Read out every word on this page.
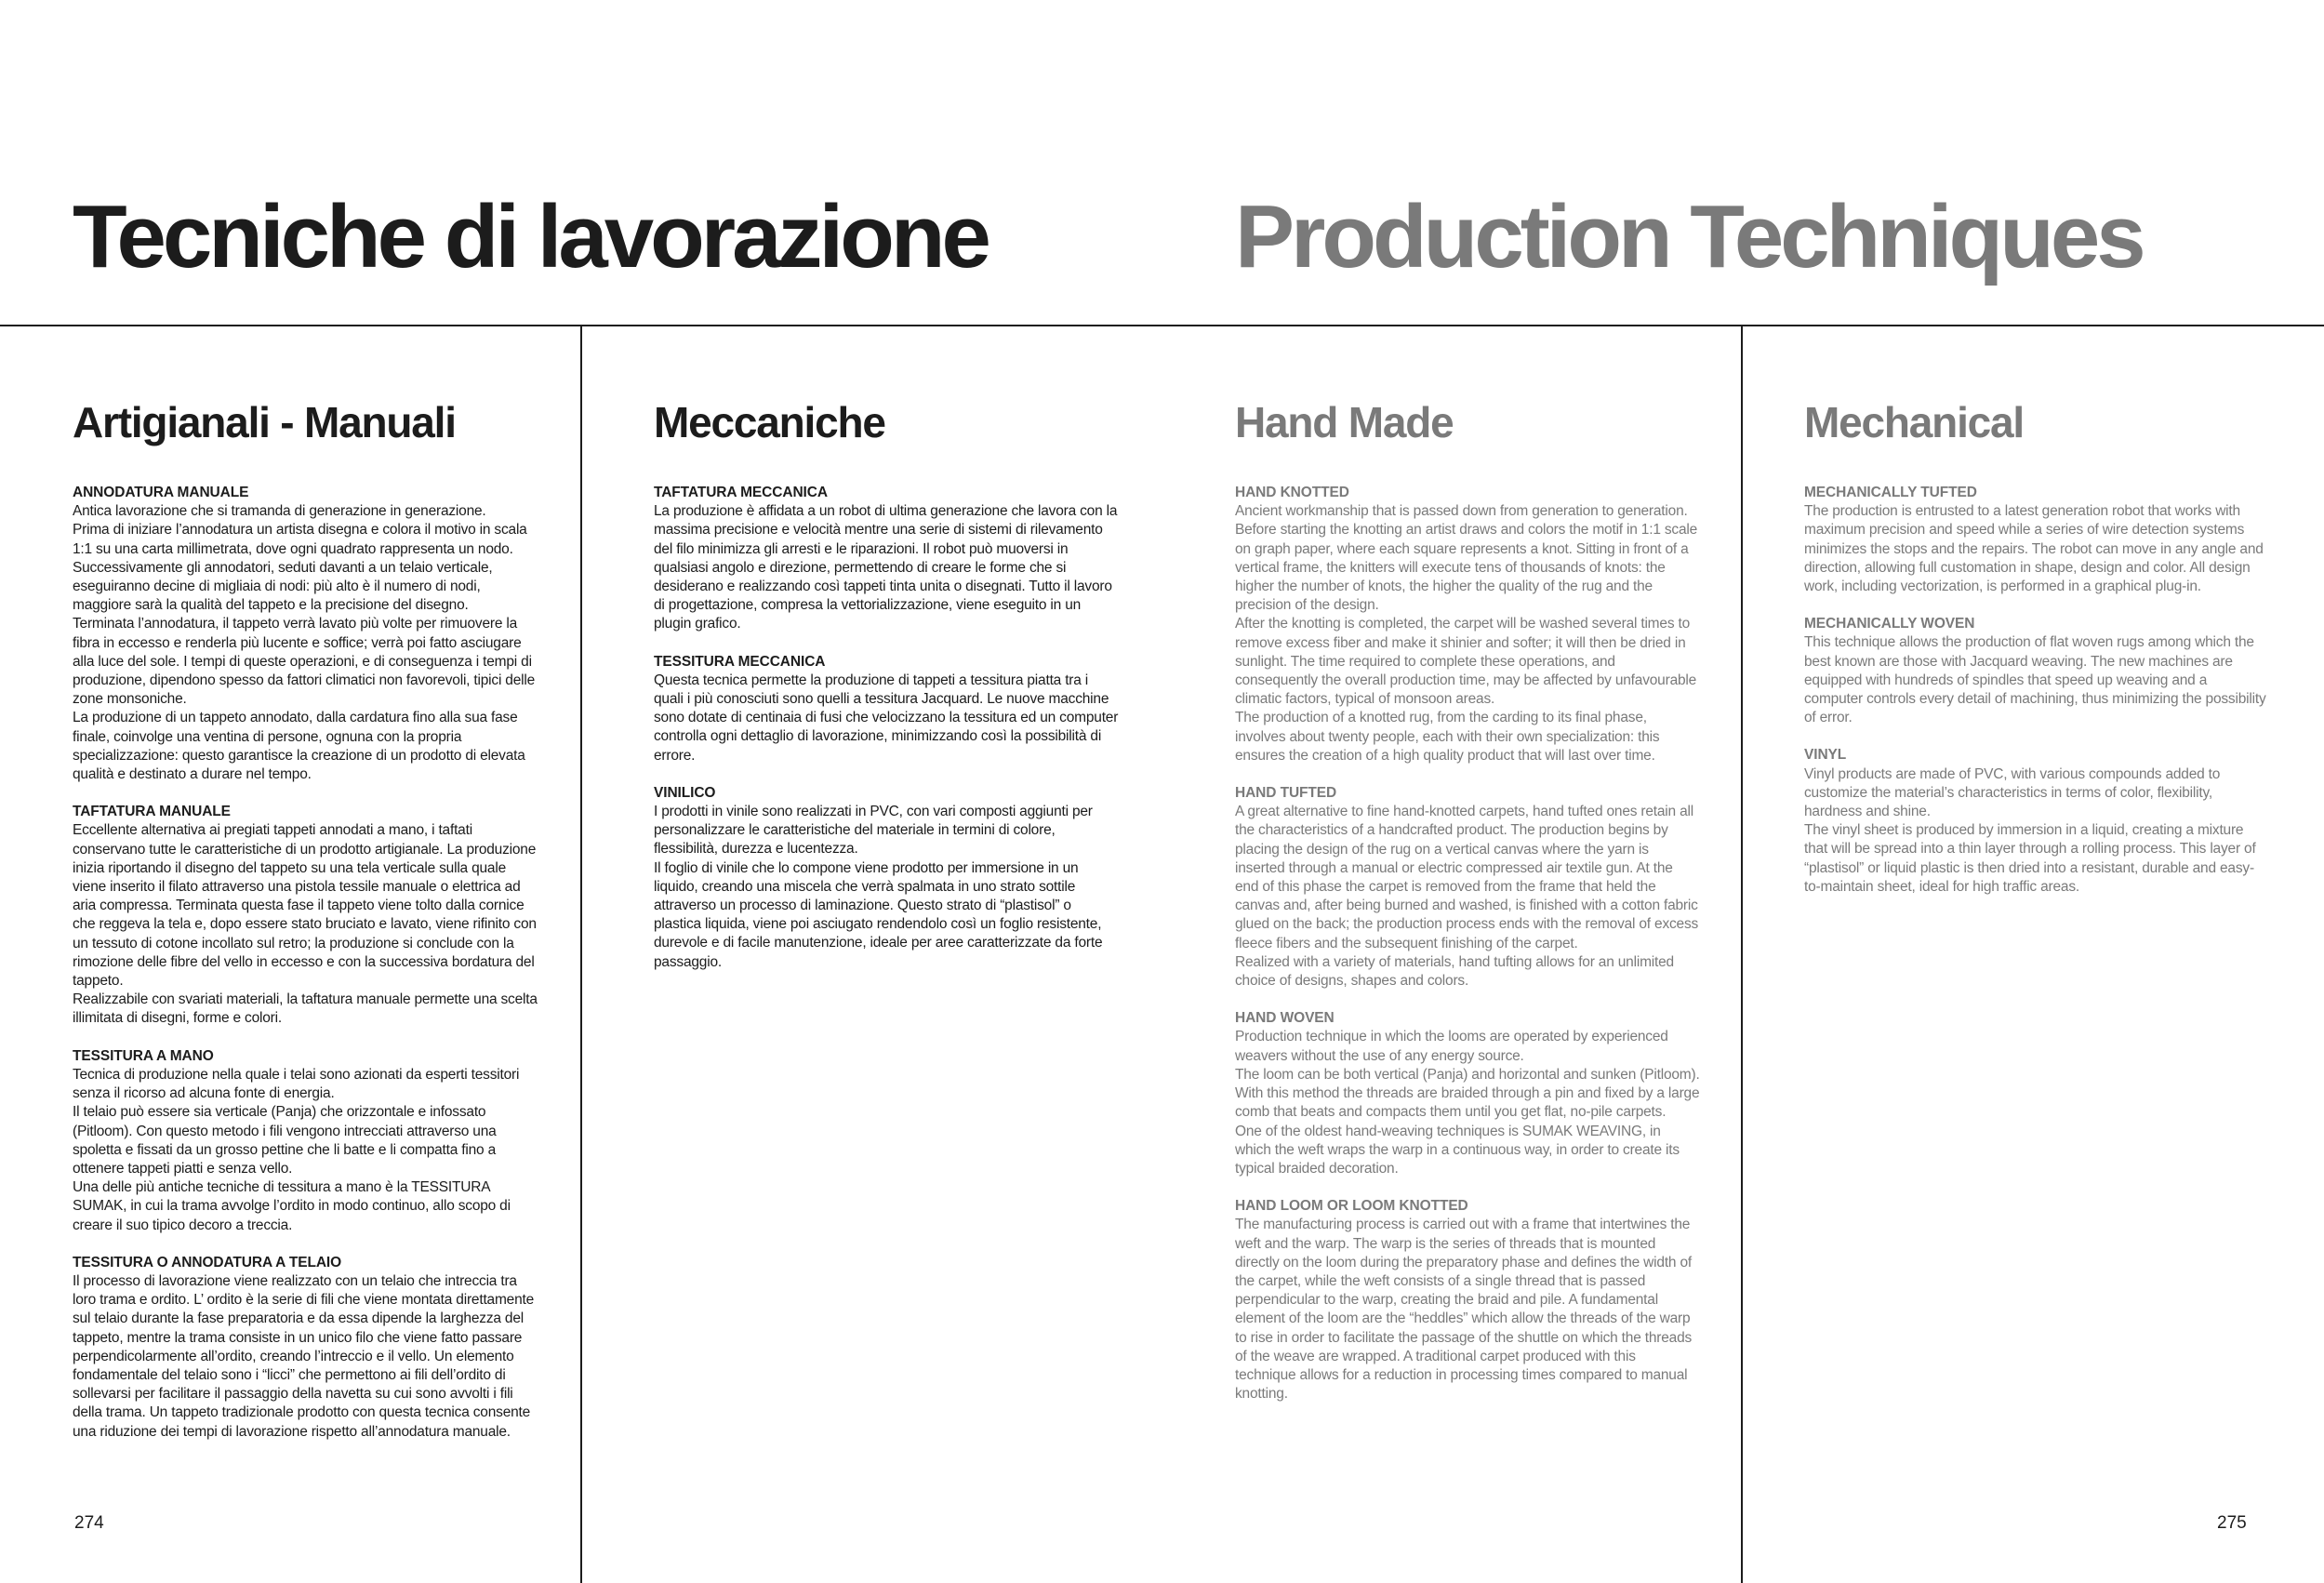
Tecniche di lavorazione	Production Techniques
Artigianali - Manuali

ANNODATURA MANUALE

Antica lavorazione che si tramanda di generazione in generazione.
Prima di iniziare l’annodatura un artista disegna e colora il motivo in scala 1:1 su una carta millimetrata, dove ogni quadrato rappresenta un nodo. Successivamente gli annodatori, seduti davanti a un telaio verticale, eseguiranno decine di migliaia di nodi: più alto è il numero di nodi, maggiore sarà la qualità del tappeto e la precisione del disegno.
Terminata l’annodatura, il tappeto verrà lavato più volte per rimuovere la fibra in eccesso e renderla più lucente e soffice; verrà poi fatto asciugare alla luce del sole. I tempi di queste operazioni, e di conseguenza i tempi di produzione, dipendono spesso da fattori climatici non favorevoli, tipici delle zone monsoniche.
La produzione di un tappeto annodato, dalla cardatura fino alla sua fase finale, coinvolge una ventina di persone, ognuna con la propria specializzazione: questo garantisce la creazione di un prodotto di elevata qualità e destinato a durare nel tempo.

TAFTATURA MANUALE

Eccellente alternativa ai pregiati tappeti annodati a mano, i taftati conservano tutte le caratteristiche di un prodotto artigianale. La produzione inizia riportando il disegno del tappeto su una tela verticale sulla quale viene inserito il filato attraverso una pistola tessile manuale o elettrica ad aria compressa. Terminata questa fase il tappeto viene tolto dalla cornice che reggeva la tela e, dopo essere stato bruciato e lavato, viene rifinito con un tessuto di cotone incollato sul retro; la produzione si conclude con la rimozione delle fibre del vello in eccesso e con la successiva bordatura del tappeto.
Realizzabile con svariati materiali, la taftatura manuale permette una scelta illimitata di disegni, forme e colori.

TESSITURA A MANO

Tecnica di produzione nella quale i telai sono azionati da esperti tessitori senza il ricorso ad alcuna fonte di energia.
Il telaio può essere sia verticale (Panja) che orizzontale e infossato (Pitloom). Con questo metodo i fili vengono intrecciati attraverso una spoletta e fissati da un grosso pettine che li batte e li compatta fino a ottenere tappeti piatti e senza vello.
Una delle più antiche tecniche di tessitura a mano è la TESSITURA SUMAK, in cui la trama avvolge l’ordito in modo continuo, allo scopo di creare il suo tipico decoro a treccia.

TESSITURA O ANNODATURA A TELAIO

Il processo di lavorazione viene realizzato con un telaio che intreccia tra loro trama e ordito. L’ ordito è la serie di fili che viene montata direttamente sul telaio durante la fase preparatoria e da essa dipende la larghezza del tappeto, mentre la trama consiste in un unico filo che viene fatto passare perpendicolarmente all’ordito, creando l’intreccio e il vello. Un elemento fondamentale del telaio sono i “licci” che permettono ai fili dell’ordito di sollevarsi per facilitare il passaggio della navetta su cui sono avvolti i fili della trama. Un tappeto tradizionale prodotto con questa tecnica consente una riduzione dei tempi di lavorazione rispetto all’annodatura manuale.

Meccaniche

TAFTATURA MECCANICA

La produzione è affidata a un robot di ultima generazione che lavora con la massima precisione e velocità mentre una serie di sistemi di rilevamento del filo minimizza gli arresti e le riparazioni. Il robot può muoversi in qualsiasi angolo e direzione, permettendo di creare le forme che si desiderano e realizzando così tappeti tinta unita o disegnati. Tutto il lavoro di progettazione, compresa la vettorializzazione, viene eseguito in un plugin grafico.

TESSITURA MECCANICA

Questa tecnica permette la produzione di tappeti a tessitura piatta tra i quali i più conosciuti sono quelli a tessitura Jacquard. Le nuove macchine sono dotate di centinaia di fusi che velocizzano la tessitura ed un computer controlla ogni dettaglio di lavorazione, minimizzando così la possibilità di errore.

VINILICO

I prodotti in vinile sono realizzati in PVC, con vari composti aggiunti per personalizzare le caratteristiche del materiale in termini di colore, flessibilità, durezza e lucentezza.
Il foglio di vinile che lo compone viene prodotto per immersione in un liquido, creando una miscela che verrà spalmata in uno strato sottile attraverso un processo di laminazione. Questo strato di “plastisol” o plastica liquida, viene poi asciugato rendendolo così un foglio resistente, durevole e di facile manutenzione, ideale per aree caratterizzate da forte passaggio.

Hand Made

HAND KNOTTED

Ancient workmanship that is passed down from generation to generation. Before starting the knotting an artist draws and colors the motif in 1:1 scale on graph paper, where each square represents a knot. Sitting in front of a vertical frame, the knitters will execute tens of thousands of knots: the higher the number of knots, the higher the quality of the rug and the precision of the design.
After the knotting is completed, the carpet will be washed several times to remove excess fiber and make it shinier and softer; it will then be dried in sunlight. The time required to complete these operations, and consequently the overall production time, may be affected by unfavourable climatic factors, typical of monsoon areas.
The production of a knotted rug, from the carding to its final phase, involves about twenty people, each with their own specialization: this ensures the creation of a high quality product that will last over time.

HAND TUFTED

A great alternative to fine hand-knotted carpets, hand tufted ones retain all the characteristics of a handcrafted product. The production begins by placing the design of the rug on a vertical canvas where the yarn is inserted through a manual or electric compressed air textile gun. At the end of this phase the carpet is removed from the frame that held the canvas and, after being burned and washed, is finished with a cotton fabric glued on the back; the production process ends with the removal of excess fleece fibers and the subsequent finishing of the carpet.
Realized with a variety of materials, hand tufting allows for an unlimited choice of designs, shapes and colors.

HAND WOVEN

Production technique in which the looms are operated by experienced weavers without the use of any energy source.
The loom can be both vertical (Panja) and horizontal and sunken (Pitloom). With this method the threads are braided through a pin and fixed by a large comb that beats and compacts them until you get flat, no-pile carpets.
One of the oldest hand-weaving techniques is SUMAK WEAVING, in which the weft wraps the warp in a continuous way, in order to create its typical braided decoration.

HAND LOOM OR LOOM KNOTTED

The manufacturing process is carried out with a frame that intertwines the weft and the warp. The warp is the series of threads that is mounted directly on the loom during the preparatory phase and defines the width of the carpet, while the weft consists of a single thread that is passed perpendicular to the warp, creating the braid and pile. A fundamental element of the loom are the “heddles” which allow the threads of the warp to rise in order to facilitate the passage of the shuttle on which the threads of the weave are wrapped. A traditional carpet produced with this technique allows for a reduction in processing times compared to manual knotting.

Mechanical

MECHANICALLY TUFTED

The production is entrusted to a latest generation robot that works with maximum precision and speed while a series of wire detection systems minimizes the stops and the repairs. The robot can move in any angle and direction, allowing full customation in shape, design and color. All design work, including vectorization, is performed in a graphical plug-in.

MECHANICALLY WOVEN

This technique allows the production of flat woven rugs among which the best known are those with Jacquard weaving. The new machines are equipped with hundreds of spindles that speed up weaving and a computer controls every detail of machining, thus minimizing the possibility of error.

VINYL

Vinyl products are made of PVC, with various compounds added to customize the material’s characteristics in terms of color, flexibility, hardness and shine.
The vinyl sheet is produced by immersion in a liquid, creating a mixture that will be spread into a thin layer through a rolling process. This layer of “plastisol” or liquid plastic is then dried into a resistant, durable and easy-to-maintain sheet, ideal for high traffic areas.

274	275
